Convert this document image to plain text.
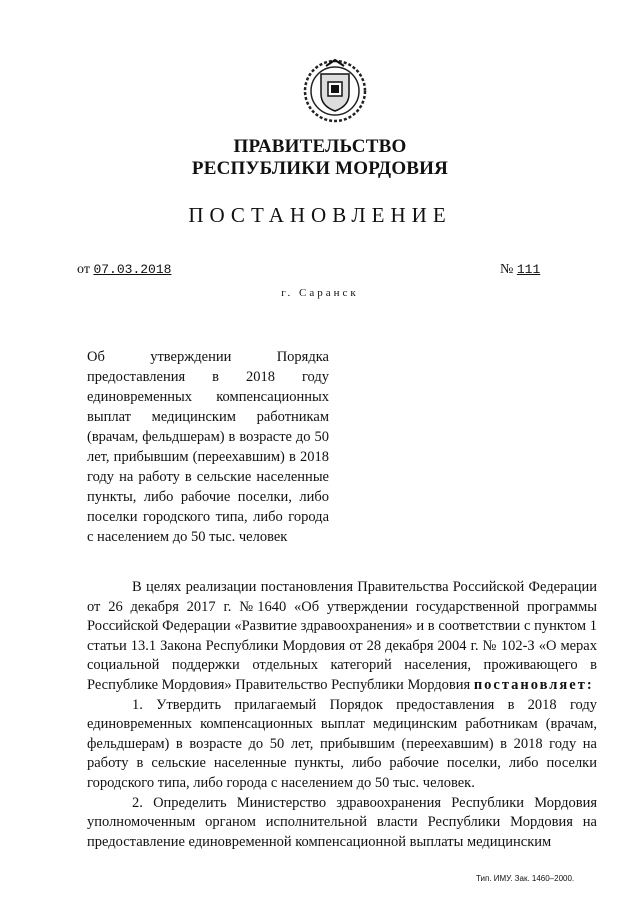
ПРАВИТЕЛЬСТВО
РЕСПУБЛИКИ МОРДОВИЯ
ПОСТАНОВЛЕНИЕ
от 07.03.2018	№ 111
г. Саранск
Об утверждении Порядка предоставления в 2018 году единовременных компенсационных выплат медицинским работникам (врачам, фельдшерам) в возрасте до 50 лет, прибывшим (переехавшим) в 2018 году на работу в сельские населенные пункты, либо рабочие поселки, либо поселки городского типа, либо города с населением до 50 тыс. человек

В целях реализации постановления Правительства Российской Федерации от 26 декабря 2017 г. №1640 «Об утверждении государственной программы Российской Федерации «Развитие здравоохранения» и в соответствии с пунктом 1 статьи 13.1 Закона Республики Мордовия от 28 декабря 2004 г. № 102-З «О мерах социальной поддержки отдельных категорий населения, проживающего в Республике Мордовия» Правительство Республики Мордовия постановляет:

1. Утвердить прилагаемый Порядок предоставления в 2018 году единовременных компенсационных выплат медицинским работникам (врачам, фельдшерам) в возрасте до 50 лет, прибывшим (переехавшим) в 2018 году на работу в сельские населенные пункты, либо рабочие поселки, либо поселки городского типа, либо города с населением до 50 тыс. человек.

2. Определить Министерство здравоохранения Республики Мордовия уполномоченным органом исполнительной власти Республики Мордовия на предоставление единовременной компенсационной выплаты медицинским

Тип. ИМУ. Зак. 1460–2000.
